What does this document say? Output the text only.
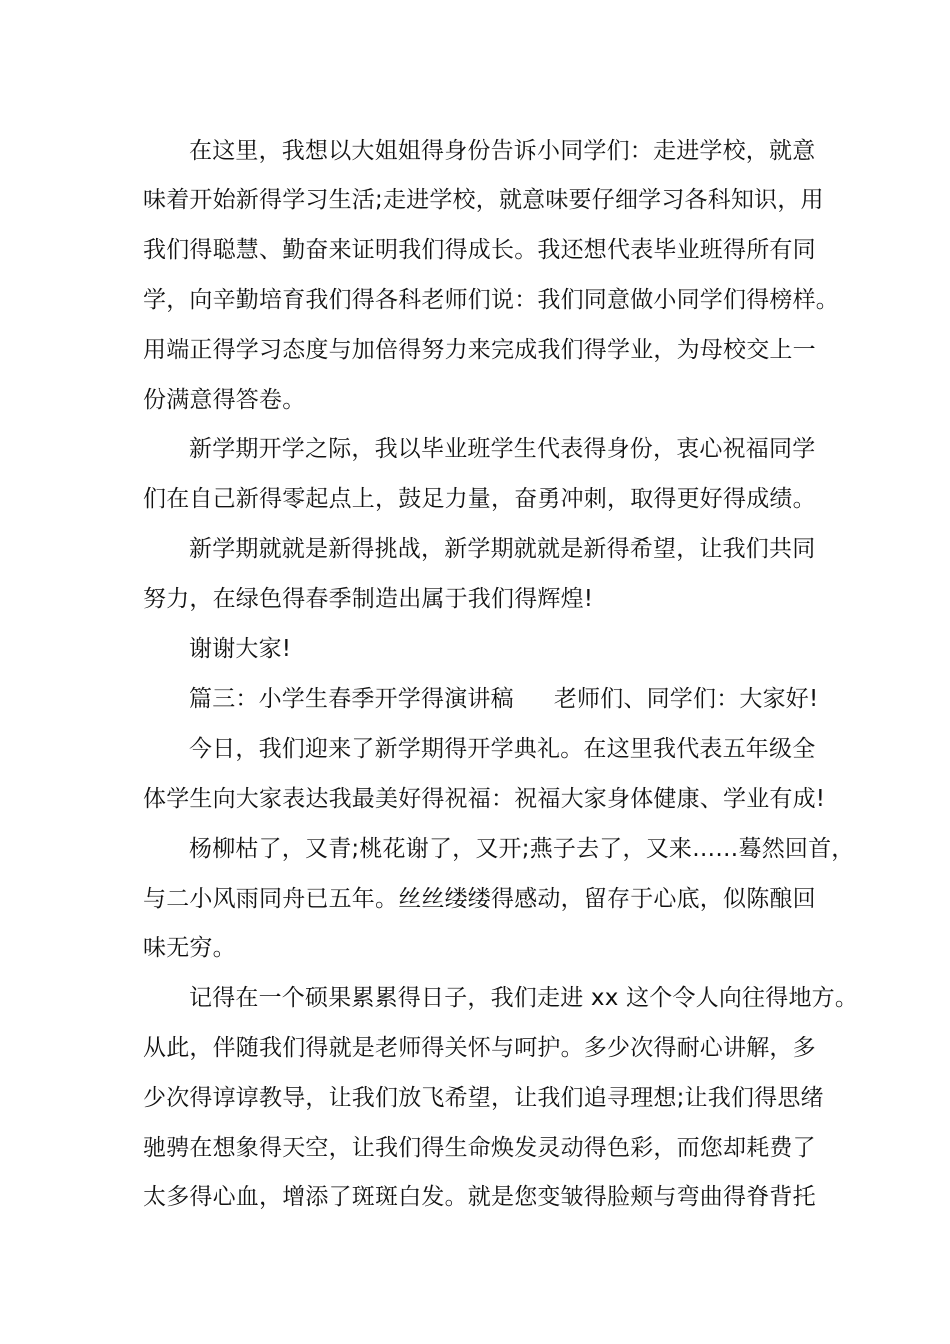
在这里，我想以大姐姐得身份告诉小同学们：走进学校，就意
味着开始新得学习生活;走进学校，就意味要仔细学习各科知识，用
我们得聪慧、勤奋来证明我们得成长。我还想代表毕业班得所有同
学，向辛勤培育我们得各科老师们说：我们同意做小同学们得榜样。
用端正得学习态度与加倍得努力来完成我们得学业，为母校交上一
份满意得答卷。
新学期开学之际，我以毕业班学生代表得身份，衷心祝福同学
们在自己新得零起点上，鼓足力量，奋勇冲刺，取得更好得成绩。
新学期就就是新得挑战，新学期就就是新得希望，让我们共同
努力，在绿色得春季制造出属于我们得辉煌!
谢谢大家!
篇三：小学生春季开学得演讲稿 老师们、同学们：大家好!
今日，我们迎来了新学期得开学典礼。在这里我代表五年级全
体学生向大家表达我最美好得祝福：祝福大家身体健康、学业有成!
杨柳枯了，又青;桃花谢了，又开;燕子去了，又来……蓦然回首，
与二小风雨同舟已五年。丝丝缕缕得感动，留存于心底，似陈酿回
味无穷。
记得在一个硕果累累得日子，我们走进 xx 这个令人向往得地方。
从此，伴随我们得就是老师得关怀与呵护。多少次得耐心讲解，多
少次得谆谆教导，让我们放飞希望，让我们追寻理想;让我们得思绪
驰骋在想象得天空，让我们得生命焕发灵动得色彩，而您却耗费了
太多得心血，增添了斑斑白发。就是您变皱得脸颊与弯曲得脊背托
